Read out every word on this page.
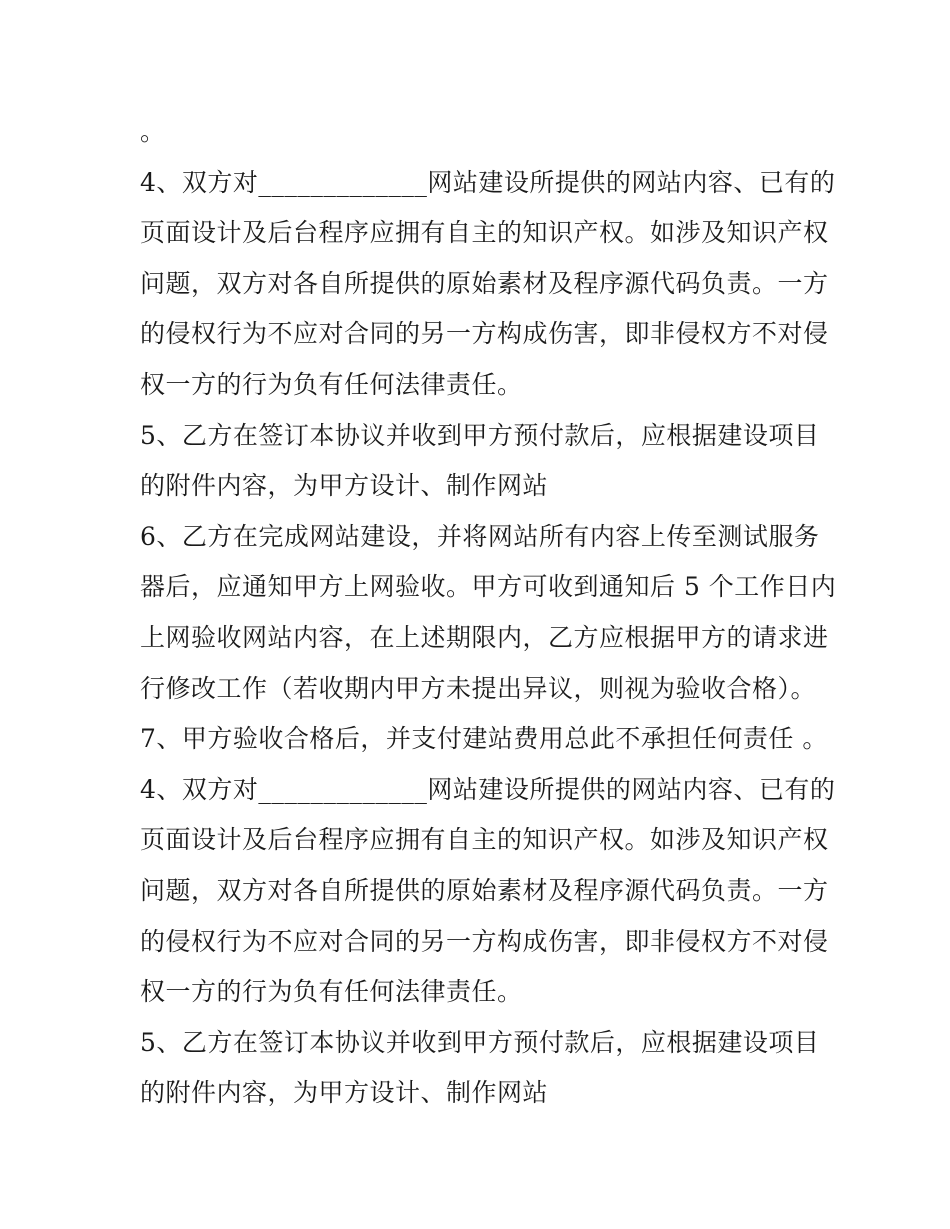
。
4、双方对_____________网站建设所提供的网站内容、已有的
页面设计及后台程序应拥有自主的知识产权。如涉及知识产权
问题，双方对各自所提供的原始素材及程序源代码负责。一方
的侵权行为不应对合同的另一方构成伤害，即非侵权方不对侵
权一方的行为负有任何法律责任。
5、乙方在签订本协议并收到甲方预付款后，应根据建设项目
的附件内容，为甲方设计、制作网站
6、乙方在完成网站建设，并将网站所有内容上传至测试服务
器后，应通知甲方上网验收。甲方可收到通知后 5 个工作日内
上网验收网站内容，在上述期限内，乙方应根据甲方的请求进
行修改工作（若收期内甲方未提出异议，则视为验收合格）。
7、甲方验收合格后，并支付建站费用总此不承担任何责任 。
4、双方对_____________网站建设所提供的网站内容、已有的
页面设计及后台程序应拥有自主的知识产权。如涉及知识产权
问题，双方对各自所提供的原始素材及程序源代码负责。一方
的侵权行为不应对合同的另一方构成伤害，即非侵权方不对侵
权一方的行为负有任何法律责任。
5、乙方在签订本协议并收到甲方预付款后，应根据建设项目
的附件内容，为甲方设计、制作网站
